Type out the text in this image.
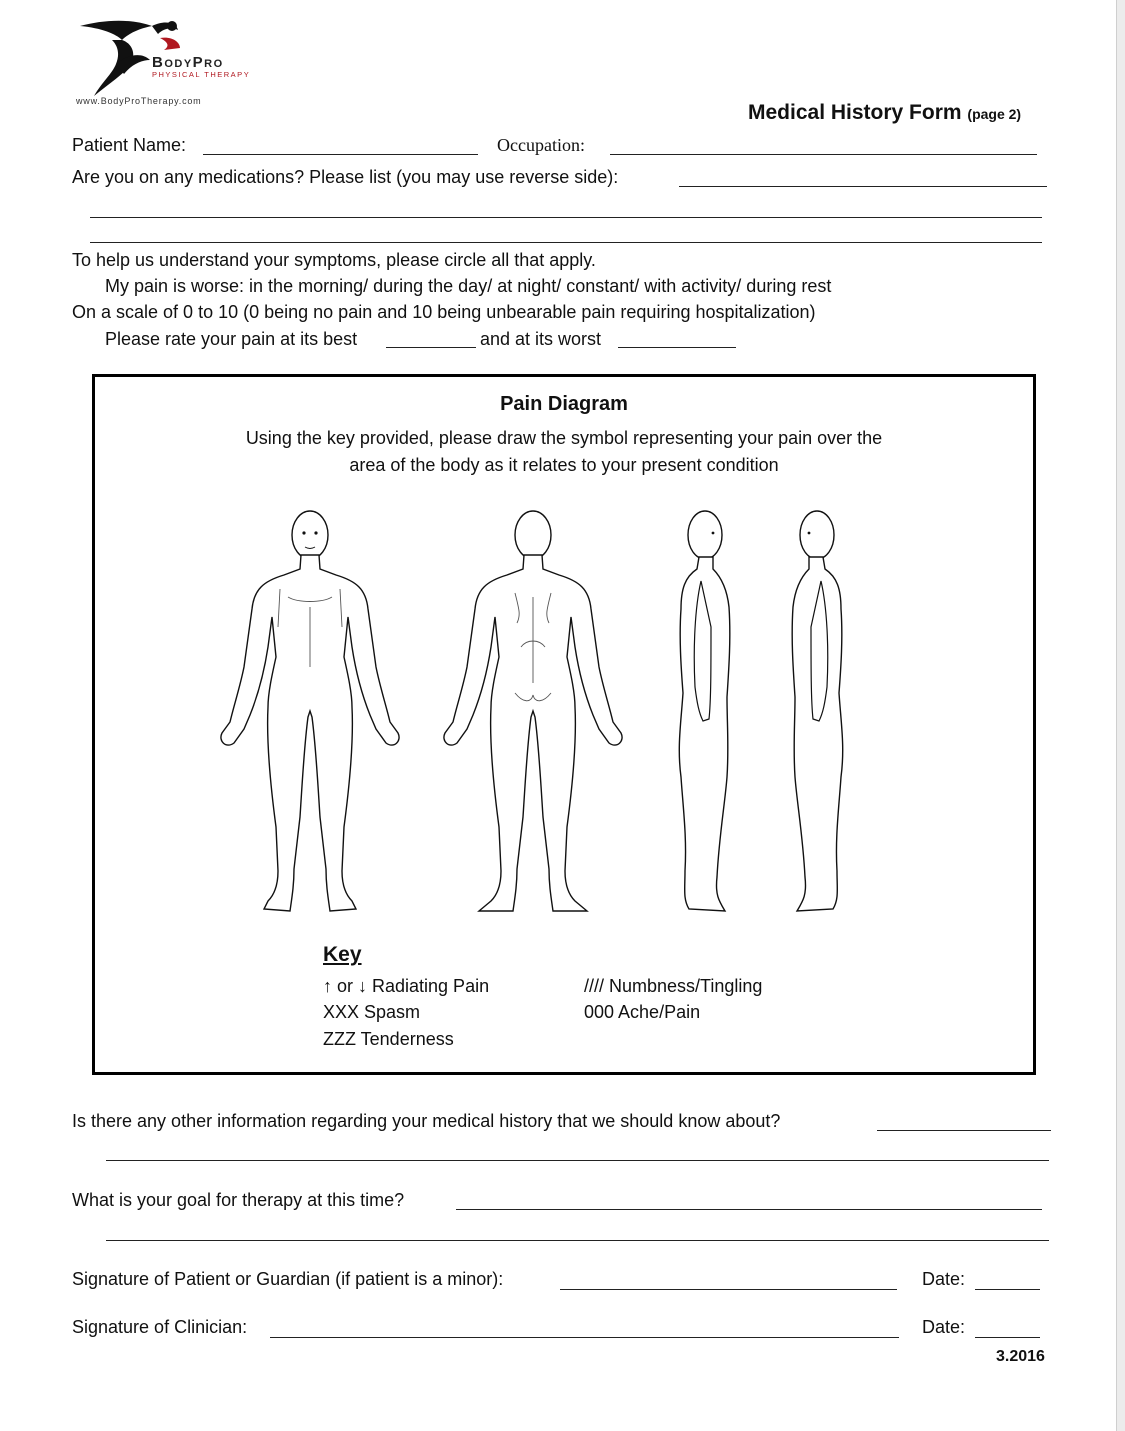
BodyPro
PHYSICAL THERAPY
www.BodyProTherapy.com	Medical History Form (page 2)
Patient Name:	Occupation:
Are you on any medications? Please list (you may use reverse side):
To help us understand your symptoms, please circle all that apply.
My pain is worse: in the morning/ during the day/ at night/ constant/ with activity/ during rest
On a scale of 0 to 10 (0 being no pain and 10 being unbearable pain requiring hospitalization)
Please rate your pain at its best	and at its worst
Pain Diagram
Using the key provided, please draw the symbol representing your pain over the
area of the body as it relates to your present condition
Key
↑ or ↓ Radiating Pain
XXX Spasm
ZZZ Tenderness
//// Numbness/Tingling
000 Ache/Pain
Is there any other information regarding your medical history that we should know about?
What is your goal for therapy at this time?
Signature of Patient or Guardian (if patient is a minor):	Date:
Signature of Clinician:	Date:
3.2016
